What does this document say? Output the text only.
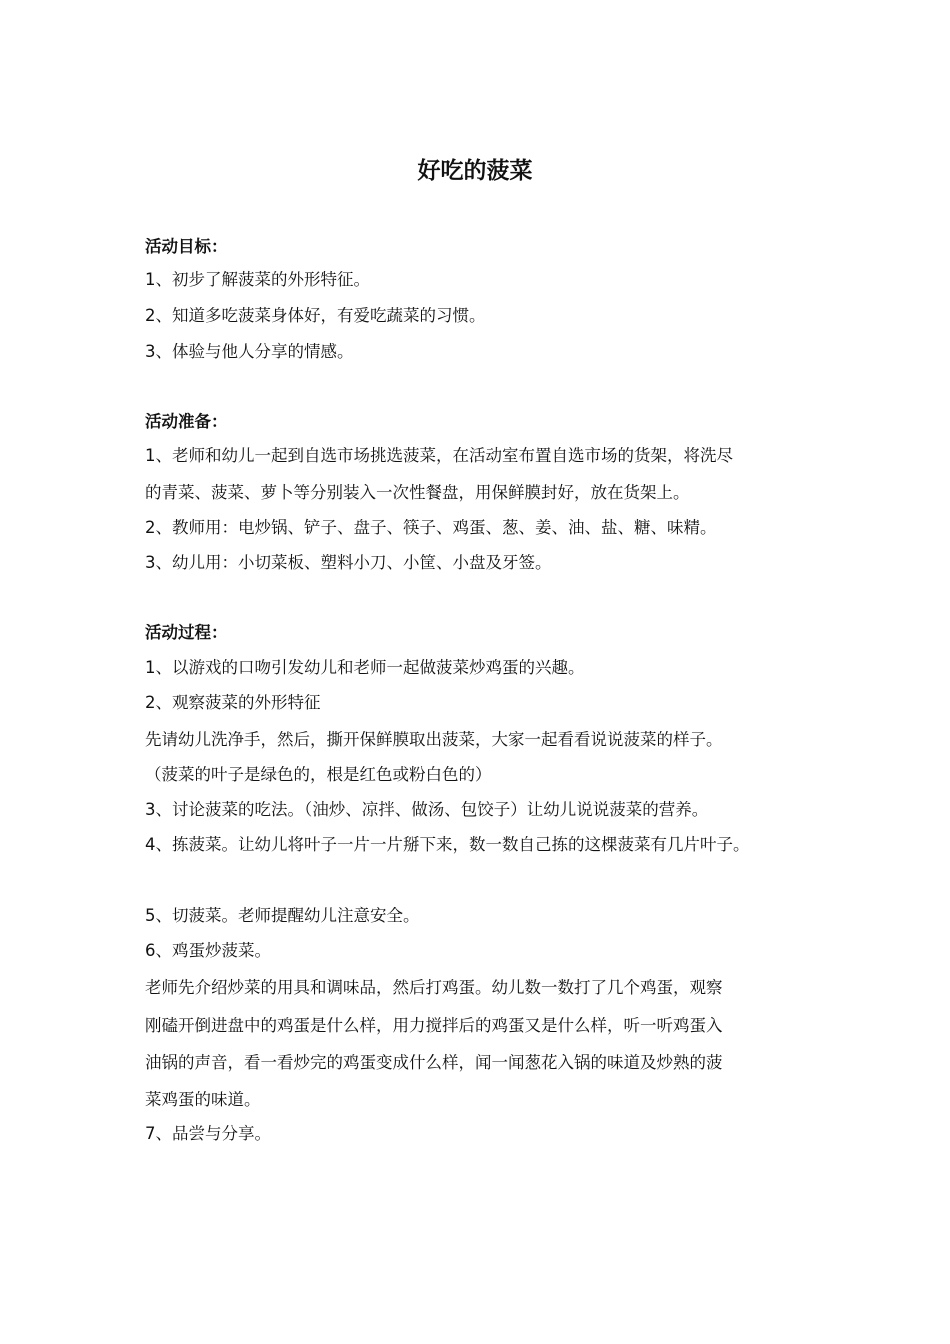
好吃的菠菜
活动目标：
1、初步了解菠菜的外形特征。
2、知道多吃菠菜身体好，有爱吃蔬菜的习惯。
3、体验与他人分享的情感。
活动准备：
1、老师和幼儿一起到自选市场挑选菠菜，在活动室布置自选市场的货架，将洗尽
的青菜、菠菜、萝卜等分别装入一次性餐盘，用保鲜膜封好，放在货架上。
2、教师用：电炒锅、铲子、盘子、筷子、鸡蛋、葱、姜、油、盐、糖、味精。
3、幼儿用：小切菜板、塑料小刀、小筐、小盘及牙签。
活动过程：
1、以游戏的口吻引发幼儿和老师一起做菠菜炒鸡蛋的兴趣。
2、观察菠菜的外形特征
先请幼儿洗净手，然后，撕开保鲜膜取出菠菜，大家一起看看说说菠菜的样子。
（菠菜的叶子是绿色的，根是红色或粉白色的）
3、讨论菠菜的吃法。（油炒、凉拌、做汤、包饺子）让幼儿说说菠菜的营养。
4、拣菠菜。让幼儿将叶子一片一片掰下来，数一数自己拣的这棵菠菜有几片叶子。
5、切菠菜。老师提醒幼儿注意安全。
6、鸡蛋炒菠菜。
老师先介绍炒菜的用具和调味品，然后打鸡蛋。幼儿数一数打了几个鸡蛋，观察
刚磕开倒进盘中的鸡蛋是什么样，用力搅拌后的鸡蛋又是什么样，听一听鸡蛋入
油锅的声音，看一看炒完的鸡蛋变成什么样，闻一闻葱花入锅的味道及炒熟的菠
菜鸡蛋的味道。
7、品尝与分享。
